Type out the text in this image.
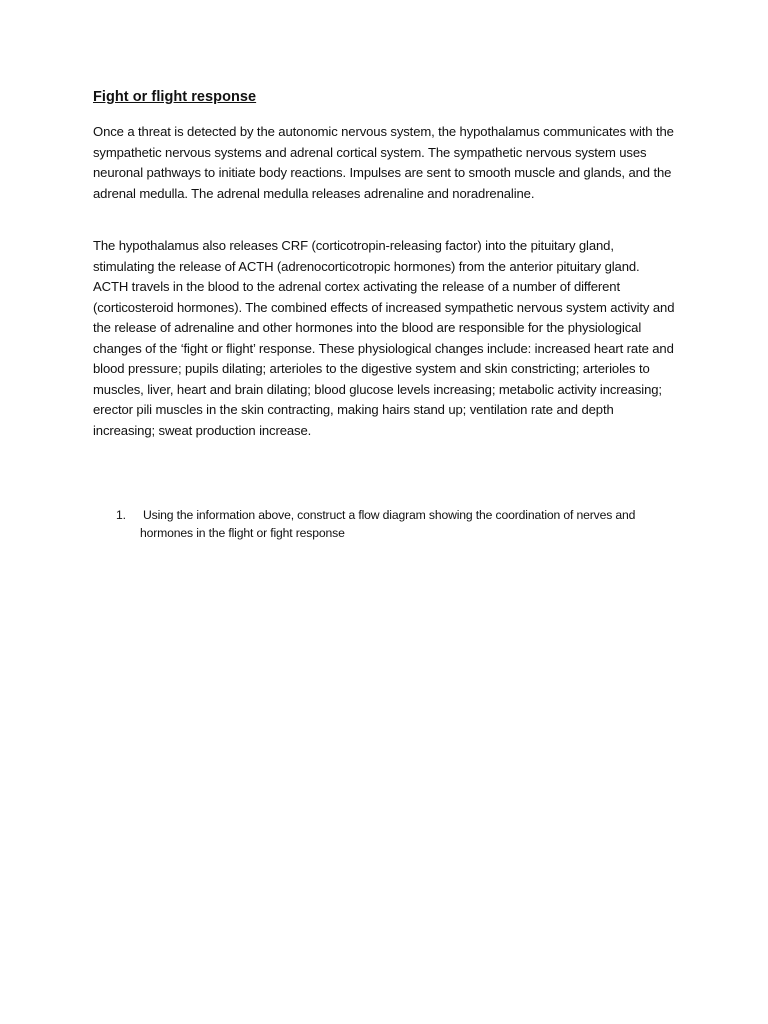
Fight or flight response

Once a threat is detected by the autonomic nervous system, the hypothalamus communicates with the sympathetic nervous systems and adrenal cortical system. The sympathetic nervous system uses neuronal pathways to initiate body reactions. Impulses are sent to smooth muscle and glands, and the adrenal medulla. The adrenal medulla releases adrenaline and noradrenaline.

The hypothalamus also releases CRF (corticotropin-releasing factor) into the pituitary gland, stimulating the release of ACTH (adrenocorticotropic hormones) from the anterior pituitary gland. ACTH travels in the blood to the adrenal cortex activating the release of a number of different (corticosteroid hormones). The combined effects of increased sympathetic nervous system activity and the release of adrenaline and other hormones into the blood are responsible for the physiological changes of the ‘fight or flight’ response. These physiological changes include: increased heart rate and blood pressure; pupils dilating; arterioles to the digestive system and skin constricting; arterioles to muscles, liver, heart and brain dilating; blood glucose levels increasing; metabolic activity increasing; erector pili muscles in the skin contracting, making hairs stand up; ventilation rate and depth increasing; sweat production increase.

1. Using the information above, construct a flow diagram showing the coordination of nerves and hormones in the flight or fight response
